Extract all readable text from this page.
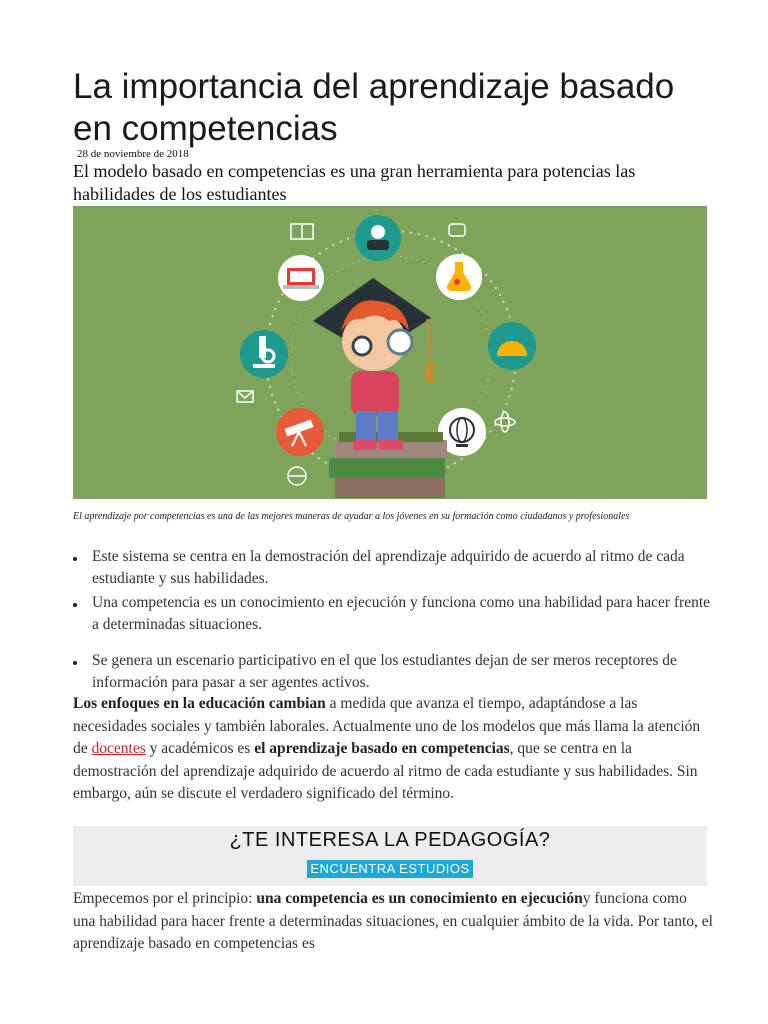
La importancia del aprendizaje basado en competencias
28 de noviembre de 2018

El modelo basado en competencias es una gran herramienta para potencias las habilidades de los estudiantes

El aprendizaje por competencias es una de las mejores maneras de ayudar a los jóvenes en su formación como ciudadanos y profesionales
Este sistema se centra en la demostración del aprendizaje adquirido de acuerdo al ritmo de cada estudiante y sus habilidades.
Una competencia es un conocimiento en ejecución y funciona como una habilidad para hacer frente a determinadas situaciones.
Se genera un escenario participativo en el que los estudiantes dejan de ser meros receptores de información para pasar a ser agentes activos.

Los enfoques en la educación cambian a medida que avanza el tiempo, adaptándose a las necesidades sociales y también laborales. Actualmente uno de los modelos que más llama la atención de docentes y académicos es el aprendizaje basado en competencias, que se centra en la demostración del aprendizaje adquirido de acuerdo al ritmo de cada estudiante y sus habilidades. Sin embargo, aún se discute el verdadero significado del término.

¿TE INTERESA LA PEDAGOGÍA?
ENCUENTRA ESTUDIOS

Empecemos por el principio: una competencia es un conocimiento en ejecucióny funciona como una habilidad para hacer frente a determinadas situaciones, en cualquier ámbito de la vida. Por tanto, el aprendizaje basado en competencias es
